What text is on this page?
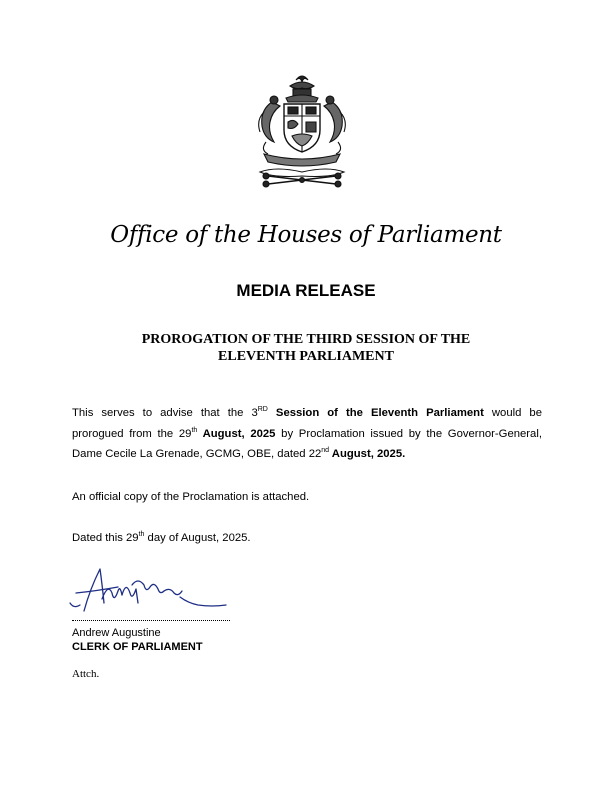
Office of the Houses of Parliament
MEDIA RELEASE
PROROGATION OF THE THIRD SESSION OF THE
ELEVENTH PARLIAMENT
This serves to advise that the 3RD Session of the Eleventh Parliament would be
prorogued from the 29th August, 2025 by Proclamation issued by the Governor-General,
Dame Cecile La Grenade, GCMG, OBE, dated 22nd August, 2025.
An official copy of the Proclamation is attached.
Dated this 29th day of August, 2025.
Andrew Augustine
CLERK OF PARLIAMENT
Attch.
